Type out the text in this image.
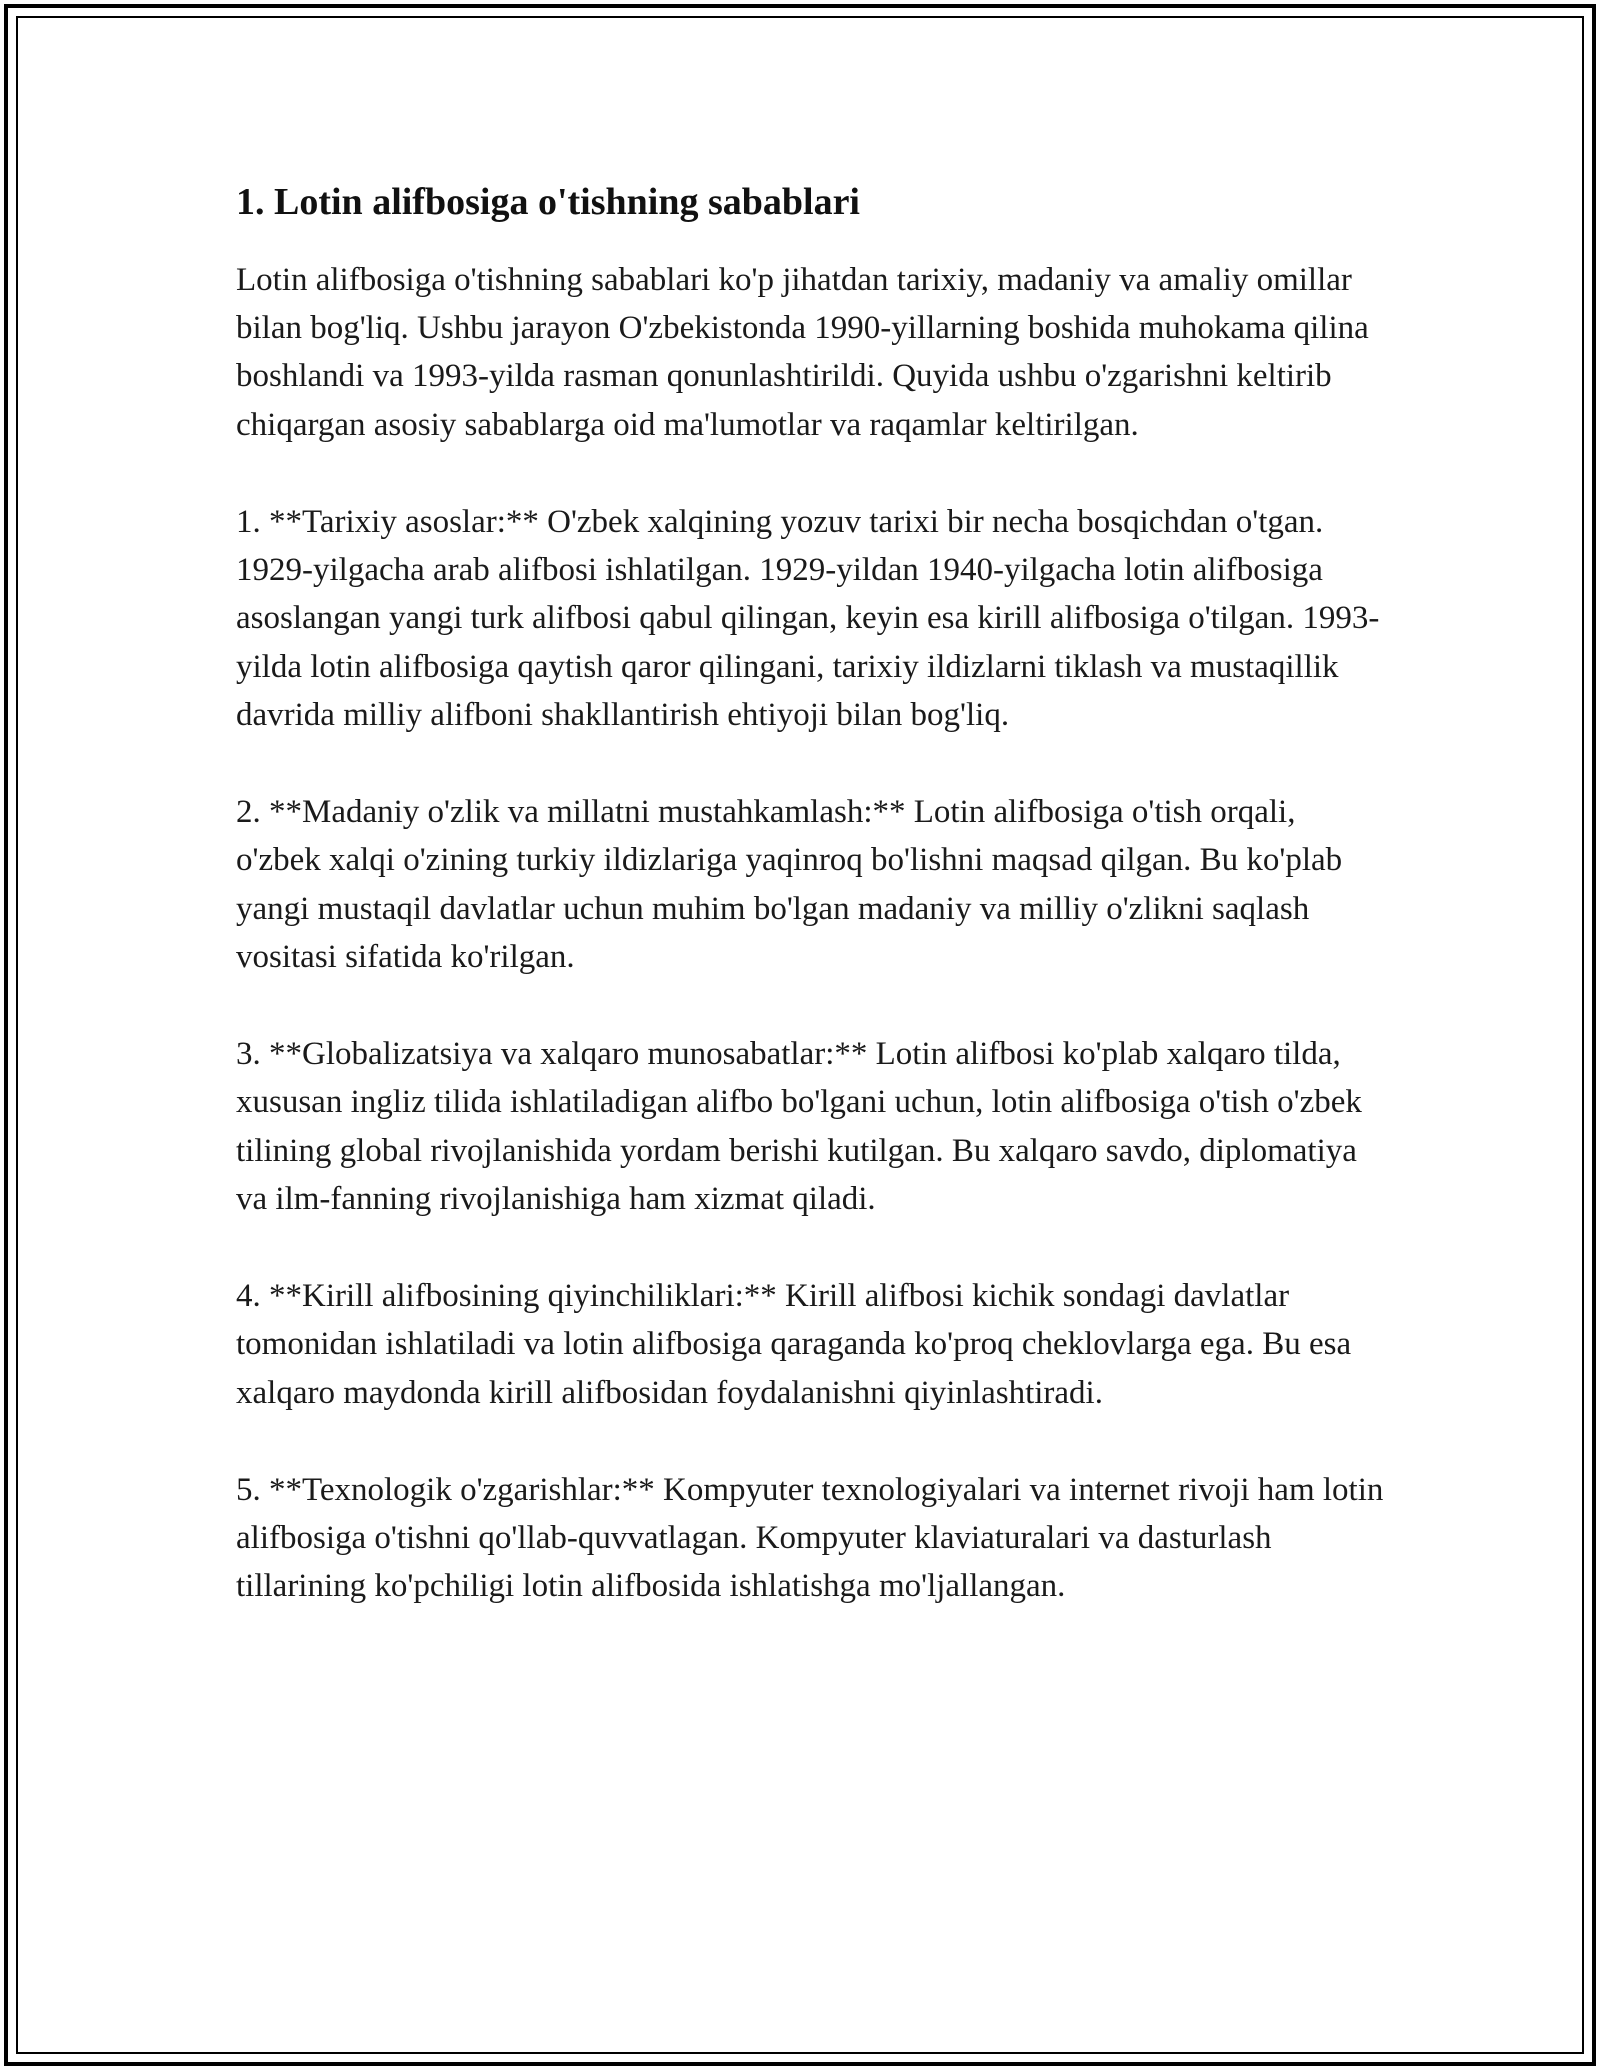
1. Lotin alifbosiga o'tishning sabablari

Lotin alifbosiga o'tishning sabablari ko'p jihatdan tarixiy, madaniy va amaliy omillar bilan bog'liq. Ushbu jarayon O'zbekistonda 1990-yillarning boshida muhokama qilina boshlandi va 1993-yilda rasman qonunlashtirildi. Quyida ushbu o'zgarishni keltirib chiqargan asosiy sabablarga oid ma'lumotlar va raqamlar keltirilgan.

1. **Tarixiy asoslar:** O'zbek xalqining yozuv tarixi bir necha bosqichdan o'tgan. 1929-yilgacha arab alifbosi ishlatilgan. 1929-yildan 1940-yilgacha lotin alifbosiga asoslangan yangi turk alifbosi qabul qilingan, keyin esa kirill alifbosiga o'tilgan. 1993-yilda lotin alifbosiga qaytish qaror qilingani, tarixiy ildizlarni tiklash va mustaqillik davrida milliy alifboni shakllantirish ehtiyoji bilan bog'liq.

2. **Madaniy o'zlik va millatni mustahkamlash:** Lotin alifbosiga o'tish orqali, o'zbek xalqi o'zining turkiy ildizlariga yaqinroq bo'lishni maqsad qilgan. Bu ko'plab yangi mustaqil davlatlar uchun muhim bo'lgan madaniy va milliy o'zlikni saqlash vositasi sifatida ko'rilgan.

3. **Globalizatsiya va xalqaro munosabatlar:** Lotin alifbosi ko'plab xalqaro tilda, xususan ingliz tilida ishlatiladigan alifbo bo'lgani uchun, lotin alifbosiga o'tish o'zbek tilining global rivojlanishida yordam berishi kutilgan. Bu xalqaro savdo, diplomatiya va ilm-fanning rivojlanishiga ham xizmat qiladi.

4. **Kirill alifbosining qiyinchiliklari:** Kirill alifbosi kichik sondagi davlatlar tomonidan ishlatiladi va lotin alifbosiga qaraganda ko'proq cheklovlarga ega. Bu esa xalqaro maydonda kirill alifbosidan foydalanishni qiyinlashtiradi.

5. **Texnologik o'zgarishlar:** Kompyuter texnologiyalari va internet rivoji ham lotin alifbosiga o'tishni qo'llab-quvvatlagan. Kompyuter klaviaturalari va dasturlash tillarining ko'pchiligi lotin alifbosida ishlatishga mo'ljallangan.
